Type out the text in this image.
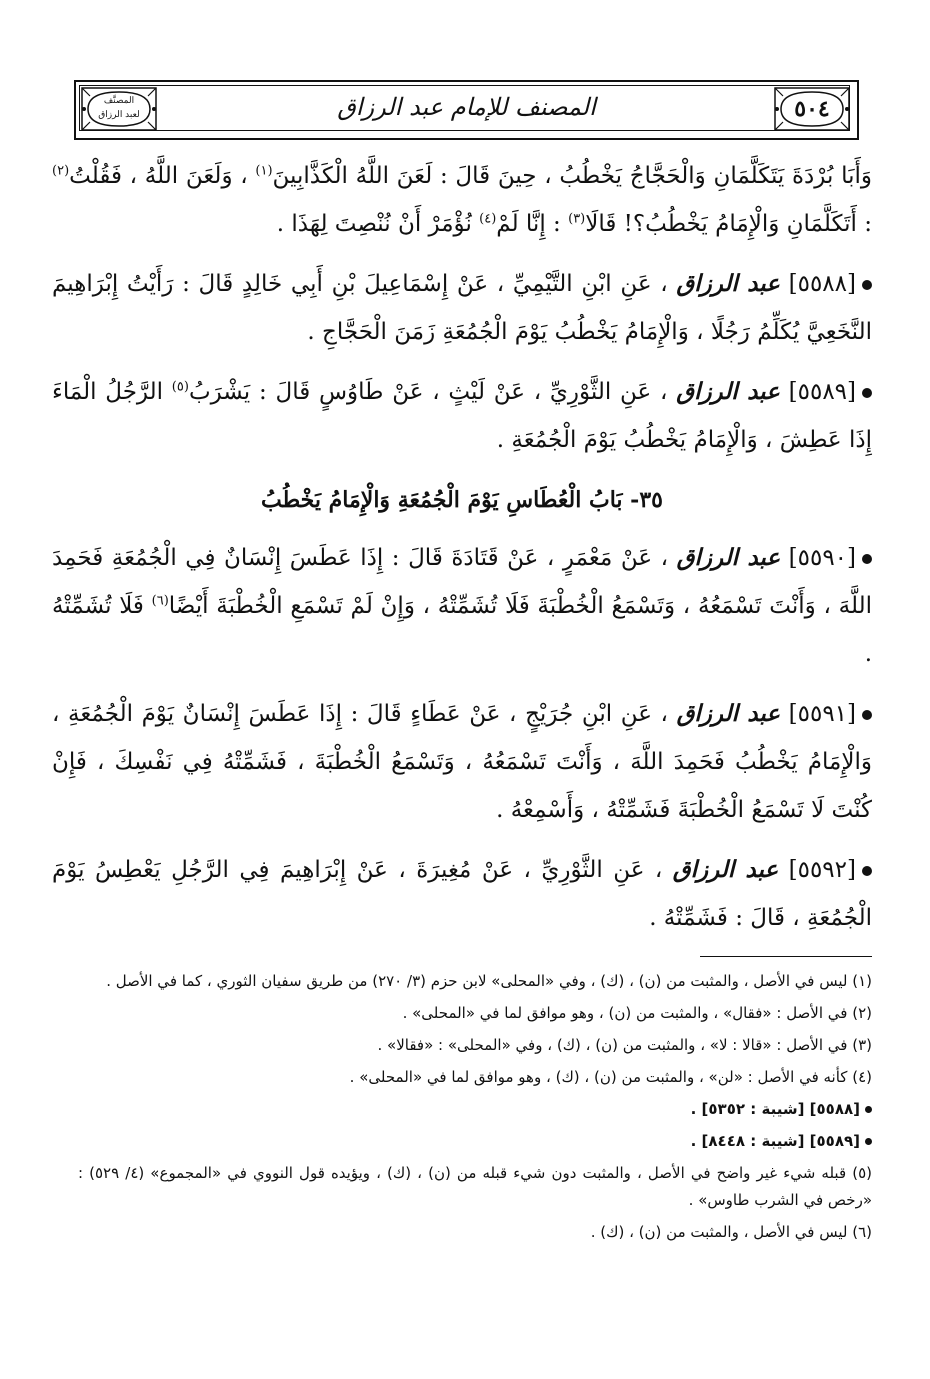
المصنَّف
لعبد الرزاق	المصنف للإمام عبد الرزاق	٥٠٤

وَأَبَا بُرْدَةَ يَتَكَلَّمَانِ وَالْحَجَّاجُ يَخْطُبُ ، حِينَ قَالَ : لَعَنَ اللَّهُ الْكَذَّابِينَ$^{(١)}$ ، وَلَعَنَ اللَّهُ ، فَقُلْتُ$^{(٢)}$ : أَتَكَلَّمَانِ وَالْإِمَامُ يَخْطُبُ؟! قَالَا$^{(٣)}$ : إِنَّا لَمْ$^{(٤)}$ نُؤْمَرْ أَنْ نُنْصِتَ لِهَذَا .

[٥٥٨٨] عبد الرزاق ، عَنِ ابْنِ التَّيْمِيِّ ، عَنْ إِسْمَاعِيلَ بْنِ أَبِي خَالِدٍ قَالَ : رَأَيْتُ إِبْرَاهِيمَ النَّخَعِيَّ يُكَلِّمُ رَجُلًا ، وَالْإِمَامُ يَخْطُبُ يَوْمَ الْجُمُعَةِ زَمَنَ الْحَجَّاجِ .

[٥٥٨٩] عبد الرزاق ، عَنِ الثَّوْرِيِّ ، عَنْ لَيْثٍ ، عَنْ طَاوُسٍ قَالَ : يَشْرَبُ$^{(٥)}$ الرَّجُلُ الْمَاءَ إِذَا عَطِشَ ، وَالْإِمَامُ يَخْطُبُ يَوْمَ الْجُمُعَةِ .

٣٥- بَابُ الْعُطَاسِ يَوْمَ الْجُمُعَةِ وَالْإِمَامُ يَخْطُبُ

[٥٥٩٠] عبد الرزاق ، عَنْ مَعْمَرٍ ، عَنْ قَتَادَةَ قَالَ : إِذَا عَطَسَ إِنْسَانٌ فِي الْجُمُعَةِ فَحَمِدَ اللَّهَ ، وَأَنْتَ تَسْمَعُهُ ، وَتَسْمَعُ الْخُطْبَةَ فَلَا تُشَمِّتْهُ ، وَإِنْ لَمْ تَسْمَعِ الْخُطْبَةَ أَيْضًا$^{(٦)}$ فَلَا تُشَمِّتْهُ .

[٥٥٩١] عبد الرزاق ، عَنِ ابْنِ جُرَيْجٍ ، عَنْ عَطَاءٍ قَالَ : إِذَا عَطَسَ إِنْسَانٌ يَوْمَ الْجُمُعَةِ ، وَالْإِمَامُ يَخْطُبُ فَحَمِدَ اللَّهَ ، وَأَنْتَ تَسْمَعُهُ ، وَتَسْمَعُ الْخُطْبَةَ ، فَشَمِّتْهُ فِي نَفْسِكَ ، فَإِنْ كُنْتَ لَا تَسْمَعُ الْخُطْبَةَ فَشَمِّتْهُ ، وَأَسْمِعْهُ .

[٥٥٩٢] عبد الرزاق ، عَنِ الثَّوْرِيِّ ، عَنْ مُغِيرَةَ ، عَنْ إِبْرَاهِيمَ فِي الرَّجُلِ يَعْطِسُ يَوْمَ الْجُمُعَةِ ، قَالَ : فَشَمِّتْهُ .

(١) ليس في الأصل ، والمثبت من (ن) ، (ك) ، وفي «المحلى» لابن حزم (٣/ ٢٧٠) من طريق سفيان الثوري ، كما في الأصل .
(٢) في الأصل : «فقال» ، والمثبت من (ن) ، وهو موافق لما في «المحلى» .
(٣) في الأصل : «قالا : لا» ، والمثبت من (ن) ، (ك) ، وفي «المحلى» : «فقالا» .
(٤) كأنه في الأصل : «لن» ، والمثبت من (ن) ، (ك) ، وهو موافق لما في «المحلى» .
[٥٥٨٨] [شيبة : ٥٣٥٢] .
[٥٥٨٩] [شيبة : ٨٤٤٨] .
(٥) قبله شيء غير واضح في الأصل ، والمثبت دون شيء قبله من (ن) ، (ك) ، ويؤيده قول النووي في «المجموع» (٤/ ٥٢٩) : «رخص في الشرب طاوس» .
(٦) ليس في الأصل ، والمثبت من (ن) ، (ك) .
